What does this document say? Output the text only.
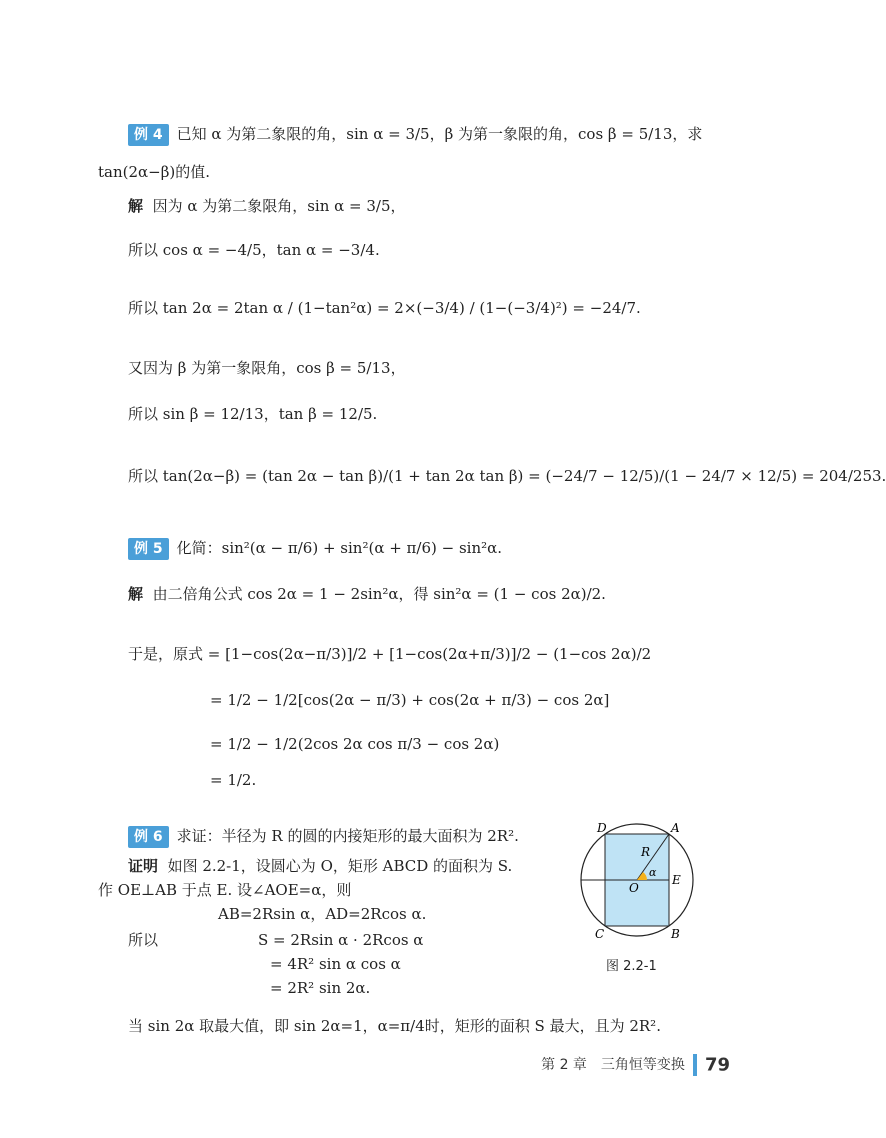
例 4 已知 α 为第二象限的角，sin α = 3/5，β 为第一象限的角，cos β = 5/13，求
tan(2α−β)的值.
解 因为 α 为第二象限角，sin α = 3/5，
所以 cos α = −4/5，tan α = −3/4.
所以 tan 2α = 2tan α / (1−tan²α) = 2×(−3/4) / (1−(−3/4)²) = −24/7.
又因为 β 为第一象限角，cos β = 5/13，
所以 sin β = 12/13，tan β = 12/5.
所以 tan(2α−β) = (tan 2α − tan β)/(1 + tan 2α tan β) = (−24/7 − 12/5)/(1 − 24/7 × 12/5) = 204/253.
例 5 化简：sin²(α − π/6) + sin²(α + π/6) − sin²α.
解 由二倍角公式 cos 2α = 1 − 2sin²α，得 sin²α = (1 − cos 2α)/2.
于是，原式 = [1−cos(2α−π/3)]/2 + [1−cos(2α+π/3)]/2 − (1−cos 2α)/2
= 1/2 − 1/2[cos(2α − π/3) + cos(2α + π/3) − cos 2α]
= 1/2 − 1/2(2cos 2α cos π/3 − cos 2α)
= 1/2.
例 6 求证：半径为 R 的圆的内接矩形的最大面积为 2R².
证明 如图 2.2-1，设圆心为 O，矩形 ABCD 的面积为 S.
作 OE⊥AB 于点 E. 设∠AOE=α，则
AB=2Rsin α，AD=2Rcos α.
所以	S = 2Rsin α · 2Rcos α
= 4R² sin α cos α
= 2R² sin 2α.
当 sin 2α 取最大值，即 sin 2α=1，α=π/4时，矩形的面积 S 最大，且为 2R².
D	A
C	B
O
E
R
α
图 2.2-1
第 2 章　三角恒等变换 79
